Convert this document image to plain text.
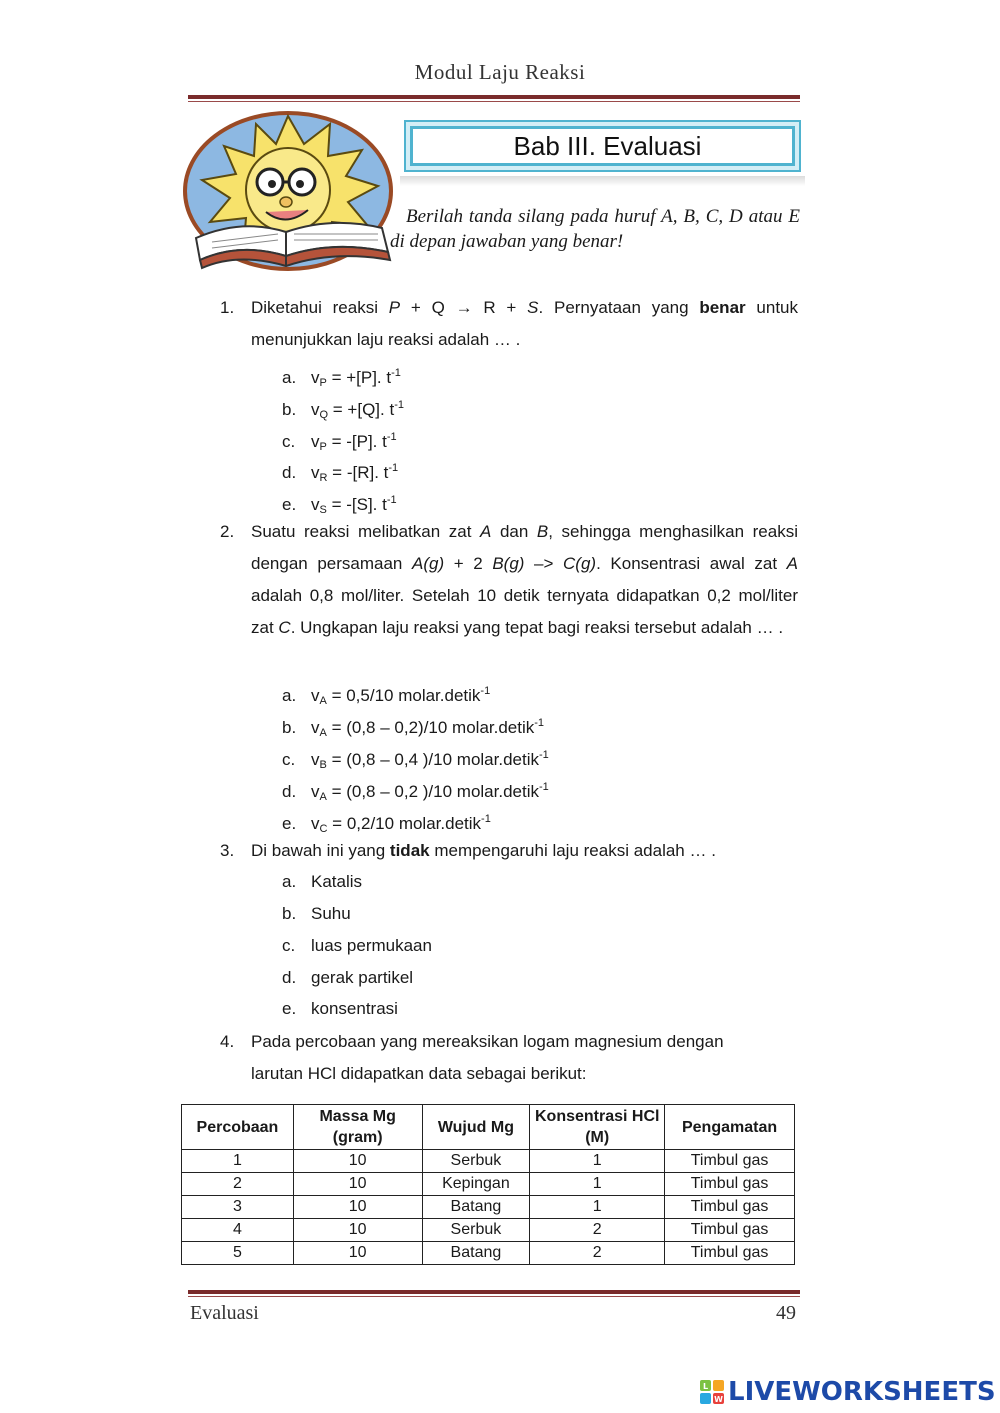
Modul Laju Reaksi
Bab III. Evaluasi
Berilah tanda silang pada huruf A, B, C, D atau E di depan jawaban yang benar!
1. Diketahui reaksi P + Q → R + S. Pernyataan yang benar untuk menunjukkan laju reaksi adalah … .
a. $v_P = +[P]$. $t^{-1}$
b. $v_Q = +[Q]$. $t^{-1}$
c. $v_P = -[P]$. $t^{-1}$
d. $v_R = -[R]$. $t^{-1}$
e. $v_S = -[S]$. $t^{-1}$
2. Suatu reaksi melibatkan zat A dan B, sehingga menghasilkan reaksi dengan persamaan A(g) + 2 B(g) –> C(g). Konsentrasi awal zat A adalah 0,8 mol/liter. Setelah 10 detik ternyata didapatkan 0,2 mol/liter zat C. Ungkapan laju reaksi yang tepat bagi reaksi tersebut adalah … .
a. $v_A = 0,5/10$ molar.detik$^{-1}$
b. $v_A = (0,8 - 0,2)/10$ molar.detik$^{-1}$
c. $v_B = (0,8 - 0,4$ )/10 molar.detik$^{-1}$
d. $v_A = (0,8 - 0,2$ )/10 molar.detik$^{-1}$
e. $v_C = 0,2/10$ molar.detik$^{-1}$
3. Di bawah ini yang tidak mempengaruhi laju reaksi adalah … .
a. Katalis
b. Suhu
c. luas permukaan
d. gerak partikel
e. konsentrasi
4. Pada percobaan yang mereaksikan logam magnesium dengan larutan HCl didapatkan data sebagai berikut:
Percobaan	Massa Mg (gram)	Wujud Mg	Konsentrasi HCl (M)	Pengamatan
1	10	Serbuk	1	Timbul gas
2	10	Kepingan	1	Timbul gas
3	10	Batang	1	Timbul gas
4	10	Serbuk	2	Timbul gas
5	10	Batang	2	Timbul gas
Evaluasi	49
L
W LIVEWORKSHEETS
